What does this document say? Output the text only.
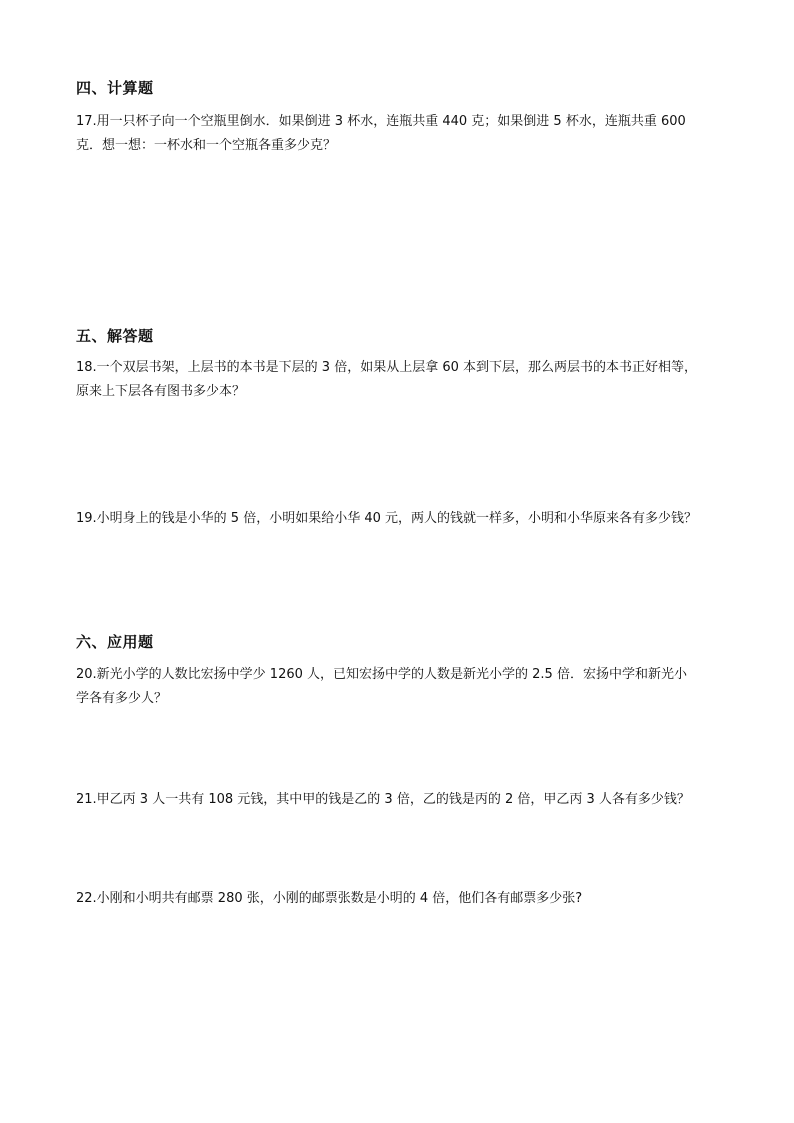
四、计算题
17.用一只杯子向一个空瓶里倒水．如果倒进 3 杯水，连瓶共重 440 克；如果倒进 5 杯水，连瓶共重 600
克．想一想：一杯水和一个空瓶各重多少克？
五、解答题
18.一个双层书架，上层书的本书是下层的 3 倍，如果从上层拿 60 本到下层，那么两层书的本书正好相等，
原来上下层各有图书多少本？
19.小明身上的钱是小华的 5 倍，小明如果给小华 40 元，两人的钱就一样多，小明和小华原来各有多少钱？
六、应用题
20.新光小学的人数比宏扬中学少 1260 人，已知宏扬中学的人数是新光小学的 2.5 倍．宏扬中学和新光小
学各有多少人？
21.甲乙丙 3 人一共有 108 元钱，其中甲的钱是乙的 3 倍，乙的钱是丙的 2 倍，甲乙丙 3 人各有多少钱？
22.小刚和小明共有邮票 280 张，小刚的邮票张数是小明的 4 倍，他们各有邮票多少张?
